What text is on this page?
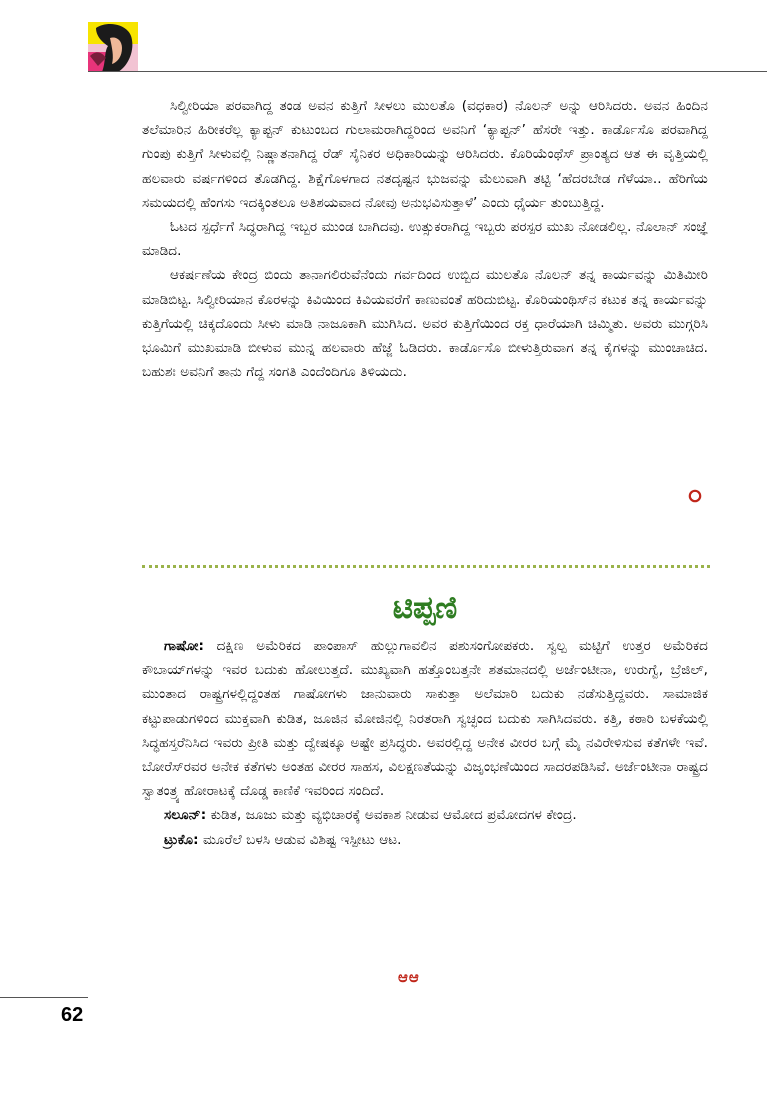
ಸಿಲ್ವೀರಿಯಾ ಪರವಾಗಿದ್ದ ತಂಡ ಅವನ ಕುತ್ತಿಗೆ ಸೀಳಲು ಮುಲತೊ (ವಧಕಾರ) ನೊಲನ್ ಅನ್ನು ಆರಿಸಿದರು. ಅವನ ಹಿಂದಿನ ತಲೆಮಾರಿನ ಹಿರೀಕರೆಲ್ಲ ಕ್ಯಾಪ್ಟನ್ ಕುಟುಂಬದ ಗುಲಾಮರಾಗಿದ್ದರಿಂದ ಅವನಿಗೆ ‘ಕ್ಯಾಪ್ಟನ್’ ಹೆಸರೇ ಇತ್ತು. ಕಾರ್ಡೊಸೊ ಪರವಾಗಿದ್ದ ಗುಂಪು ಕುತ್ತಿಗೆ ಸೀಳುವಲ್ಲಿ ನಿಷ್ಣಾತನಾಗಿದ್ದ ರೆಡ್ ಸೈನಿಕರ ಅಧಿಕಾರಿಯನ್ನು ಆರಿಸಿದರು. ಕೊರಿಯೆಂಥೆಸ್ ಪ್ರಾಂತ್ಯದ ಆತ ಈ ವೃತ್ತಿಯಲ್ಲಿ ಹಲವಾರು ವರ್ಷಗಳಿಂದ ತೊಡಗಿದ್ದ. ಶಿಕ್ಷೆಗೊಳಗಾದ ನತದೃಷ್ಟನ ಭುಜವನ್ನು ಮೆಲುವಾಗಿ ತಟ್ಟಿ ‘ಹೆದರಬೇಡ ಗೆಳೆಯಾ.. ಹೆರಿಗೆಯ ಸಮಯದಲ್ಲಿ ಹೆಂಗಸು ಇದಕ್ಕಿಂತಲೂ ಅತಿಶಯವಾದ ನೋವು ಅನುಭವಿಸುತ್ತಾಳೆ’ ಎಂದು ಧೈರ್ಯ ತುಂಬುತ್ತಿದ್ದ.

ಓಟದ ಸ್ಪರ್ಧೆಗೆ ಸಿದ್ಧರಾಗಿದ್ದ ಇಬ್ಬರ ಮುಂಡ ಬಾಗಿದವು. ಉತ್ಸುಕರಾಗಿದ್ದ ಇಬ್ಬರು ಪರಸ್ಪರ ಮುಖ ನೋಡಲಿಲ್ಲ. ನೊಲಾನ್ ಸಂಜ್ಞೆ ಮಾಡಿದ.

ಆಕರ್ಷಣೆಯ ಕೇಂದ್ರ ಬಿಂದು ತಾನಾಗಲಿರುವೆನೆಂದು ಗರ್ವದಿಂದ ಉಬ್ಬಿದ ಮುಲತೊ ನೊಲನ್ ತನ್ನ ಕಾರ್ಯವನ್ನು ಮಿತಿಮೀರಿ ಮಾಡಿಬಿಟ್ಟ. ಸಿಲ್ವೀರಿಯಾನ ಕೊರಳನ್ನು ಕಿವಿಯಿಂದ ಕಿವಿಯವರೆಗೆ ಕಾಣುವಂತೆ ಹರಿದುಬಿಟ್ಟ. ಕೊರಿಯಂಥಿಸ್‌ನ ಕಟುಕ ತನ್ನ ಕಾರ್ಯವನ್ನು ಕುತ್ತಿಗೆಯಲ್ಲಿ ಚಿಕ್ಕದೊಂದು ಸೀಳು ಮಾಡಿ ನಾಜೂಕಾಗಿ ಮುಗಿಸಿದ. ಅವರ ಕುತ್ತಿಗೆಯಿಂದ ರಕ್ತ ಧಾರೆಯಾಗಿ ಚಿಮ್ಮಿತು. ಅವರು ಮುಗ್ಗರಿಸಿ ಭೂಮಿಗೆ ಮುಖಮಾಡಿ ಬೀಳುವ ಮುನ್ನ ಹಲವಾರು ಹೆಜ್ಜೆ ಓಡಿದರು. ಕಾರ್ಡೊಸೊ ಬೀಳುತ್ತಿರುವಾಗ ತನ್ನ ಕೈಗಳನ್ನು ಮುಂಚಾಚಿದ. ಬಹುಶಃ ಅವನಿಗೆ ತಾನು ಗೆದ್ದ ಸಂಗತಿ ಎಂದೆಂದಿಗೂ ತಿಳಿಯದು.

ಟಿಪ್ಪಣಿ

ಗಾಷೋ: ದಕ್ಷಿಣ ಅಮೆರಿಕದ ಪಾಂಪಾಸ್ ಹುಲ್ಲುಗಾವಲಿನ ಪಶುಸಂಗೋಪಕರು. ಸ್ವಲ್ಪ ಮಟ್ಟಿಗೆ ಉತ್ತರ ಅಮೆರಿಕದ ಕೌಬಾಯ್‌ಗಳನ್ನು ಇವರ ಬದುಕು ಹೋಲುತ್ತದೆ. ಮುಖ್ಯವಾಗಿ ಹತ್ತೊಂಬತ್ತನೇ ಶತಮಾನದಲ್ಲಿ ಅರ್ಜೆಂಟೀನಾ, ಉರುಗ್ವೆ, ಬ್ರೆಜಿಲ್, ಮುಂತಾದ ರಾಷ್ಟ್ರಗಳಲ್ಲಿದ್ದಂತಹ ಗಾಷೋಗಳು ಜಾನುವಾರು ಸಾಕುತ್ತಾ ಅಲೆಮಾರಿ ಬದುಕು ನಡೆಸುತ್ತಿದ್ದವರು. ಸಾಮಾಜಿಕ ಕಟ್ಟುಪಾಡುಗಳಿಂದ ಮುಕ್ತವಾಗಿ ಕುಡಿತ, ಜೂಜಿನ ಮೋಜಿನಲ್ಲಿ ನಿರತರಾಗಿ ಸ್ವಚ್ಛಂದ ಬದುಕು ಸಾಗಿಸಿದವರು. ಕತ್ತಿ, ಕಠಾರಿ ಬಳಕೆಯಲ್ಲಿ ಸಿದ್ಧಹಸ್ತರೆನಿಸಿದ ಇವರು ಪ್ರೀತಿ ಮತ್ತು ದ್ವೇಷಕ್ಕೂ ಅಷ್ಟೇ ಪ್ರಸಿದ್ಧರು. ಅವರಲ್ಲಿದ್ದ ಅನೇಕ ವೀರರ ಬಗ್ಗೆ ಮೈ ನವಿರೇಳಿಸುವ ಕತೆಗಳೇ ಇವೆ. ಬೋರೆಸ್‌ರವರ ಅನೇಕ ಕತೆಗಳು ಅಂತಹ ವೀರರ ಸಾಹಸ, ವಿಲಕ್ಷಣತೆಯನ್ನು ವಿಜೃಂಭಣೆಯಿಂದ ಸಾದರಪಡಿಸಿವೆ. ಅರ್ಜೆಂಟೀನಾ ರಾಷ್ಟ್ರದ ಸ್ವಾತಂತ್ರ್ಯ ಹೋರಾಟಕ್ಕೆ ದೊಡ್ಡ ಕಾಣಿಕೆ ಇವರಿಂದ ಸಂದಿದೆ.

ಸಲೂನ್: ಕುಡಿತ, ಜೂಜು ಮತ್ತು ವ್ಯಭಿಚಾರಕ್ಕೆ ಅವಕಾಶ ನೀಡುವ ಆಮೋದ ಪ್ರಮೋದಗಳ ಕೇಂದ್ರ.

ಟ್ರುಕೊ: ಮೂರೆಲೆ ಬಳಸಿ ಆಡುವ ವಿಶಿಷ್ಟ ಇಸ್ಪೀಟು ಆಟ.

ಆಆ
62
